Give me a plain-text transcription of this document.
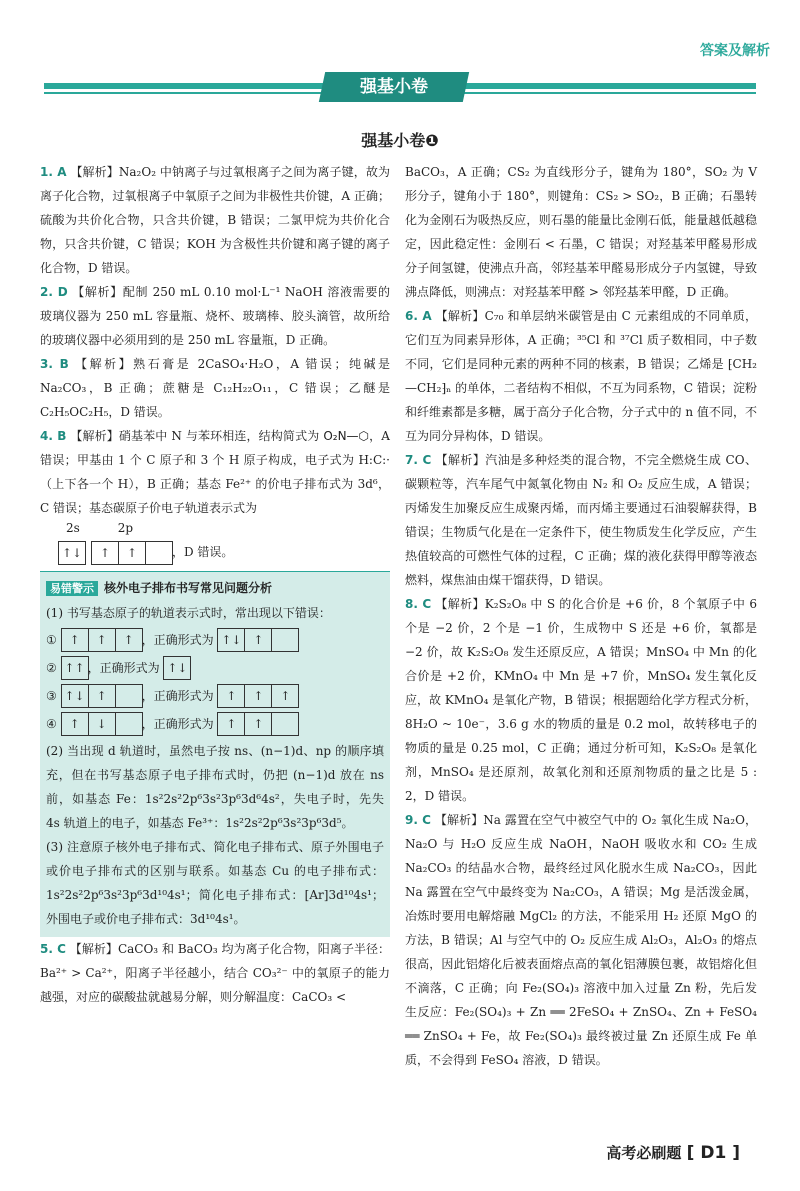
答案及解析
强基小卷
强基小卷❶

1. A 【解析】Na₂O₂ 中钠离子与过氧根离子之间为离子键，故为离子化合物，过氧根离子中氧原子之间为非极性共价键，A 正确；硫酸为共价化合物，只含共价键，B 错误；二氯甲烷为共价化合物，只含共价键，C 错误；KOH 为含极性共价键和离子键的离子化合物，D 错误。

2. D 【解析】配制 250 mL 0.10 mol·L⁻¹ NaOH 溶液需要的玻璃仪器为 250 mL 容量瓶、烧杯、玻璃棒、胶头滴管，故所给的玻璃仪器中必须用到的是 250 mL 容量瓶，D 正确。

3. B 【解析】熟石膏是 2CaSO₄·H₂O，A 错误；纯碱是 Na₂CO₃，B 正确；蔗糖是 C₁₂H₂₂O₁₁，C 错误；乙醚是 C₂H₅OC₂H₅，D 错误。

4. B 【解析】硝基苯中 N 与苯环相连，结构简式为 O₂N—⬡，A 错误；甲基由 1 个 C 原子和 3 个 H 原子构成，电子式为 H:C:·（上下各一个 H），B 正确；基态 Fe²⁺ 的价电子排布式为 3d⁶，C 错误；基态碳原子价电子轨道表示式为

2s	2p
↑↓ ↑ ↑	，D 错误。
易错警示 核外电子排布书写常见问题分析
(1) 书写基态原子的轨道表示式时，常出现以下错误：
① ↑ ↑ ↑ ，正确形式为 ↑↓ ↑
② ↑↑ ，正确形式为 ↑↓
③ ↑↓ ↑	，正确形式为 ↑ ↑ ↑
④ ↑ ↓	，正确形式为 ↑ ↑

(2) 当出现 d 轨道时，虽然电子按 ns、(n−1)d、np 的顺序填充，但在书写基态原子电子排布式时，仍把 (n−1)d 放在 ns 前，如基态 Fe：1s²2s²2p⁶3s²3p⁶3d⁶4s²，失电子时，先失 4s 轨道上的电子，如基态 Fe³⁺：1s²2s²2p⁶3s²3p⁶3d⁵。

(3) 注意原子核外电子排布式、简化电子排布式、原子外围电子或价电子排布式的区别与联系。如基态 Cu 的电子排布式：1s²2s²2p⁶3s²3p⁶3d¹⁰4s¹；简化电子排布式：[Ar]3d¹⁰4s¹；外围电子或价电子排布式：3d¹⁰4s¹。

5. C 【解析】CaCO₃ 和 BaCO₃ 均为离子化合物，阳离子半径：Ba²⁺ > Ca²⁺，阳离子半径越小，结合 CO₃²⁻ 中的氧原子的能力越强，对应的碳酸盐就越易分解，则分解温度：CaCO₃ <

BaCO₃，A 正确；CS₂ 为直线形分子，键角为 180°，SO₂ 为 V 形分子，键角小于 180°，则键角：CS₂ > SO₂，B 正确；石墨转化为金刚石为吸热反应，则石墨的能量比金刚石低，能量越低越稳定，因此稳定性：金刚石 < 石墨，C 错误；对羟基苯甲醛易形成分子间氢键，使沸点升高，邻羟基苯甲醛易形成分子内氢键，导致沸点降低，则沸点：对羟基苯甲醛 > 邻羟基苯甲醛，D 正确。

6. A 【解析】C₇₀ 和单层纳米碳管是由 C 元素组成的不同单质，它们互为同素异形体，A 正确；³⁵Cl 和 ³⁷Cl 质子数相同，中子数不同，它们是同种元素的两种不同的核素，B 错误；乙烯是 ⁅CH₂—CH₂⁆ₙ 的单体，二者结构不相似，不互为同系物，C 错误；淀粉和纤维素都是多糖，属于高分子化合物，分子式中的 n 值不同，不互为同分异构体，D 错误。

7. C 【解析】汽油是多种烃类的混合物，不完全燃烧生成 CO、碳颗粒等，汽车尾气中氮氧化物由 N₂ 和 O₂ 反应生成，A 错误；丙烯发生加聚反应生成聚丙烯，而丙烯主要通过石油裂解获得，B 错误；生物质气化是在一定条件下，使生物质发生化学反应，产生热值较高的可燃性气体的过程，C 正确；煤的液化获得甲醇等液态燃料，煤焦油由煤干馏获得，D 错误。

8. C 【解析】K₂S₂O₈ 中 S 的化合价是 +6 价，8 个氧原子中 6 个是 −2 价，2 个是 −1 价，生成物中 S 还是 +6 价，氧都是 −2 价，故 K₂S₂O₈ 发生还原反应，A 错误；MnSO₄ 中 Mn 的化合价是 +2 价，KMnO₄ 中 Mn 是 +7 价，MnSO₄ 发生氧化反应，故 KMnO₄ 是氧化产物，B 错误；根据题给化学方程式分析，8H₂O ~ 10e⁻，3.6 g 水的物质的量是 0.2 mol，故转移电子的物质的量是 0.25 mol，C 正确；通过分析可知，K₂S₂O₈ 是氧化剂，MnSO₄ 是还原剂，故氧化剂和还原剂物质的量之比是 5 : 2，D 错误。

9. C 【解析】Na 露置在空气中被空气中的 O₂ 氧化生成 Na₂O，Na₂O 与 H₂O 反应生成 NaOH，NaOH 吸收水和 CO₂ 生成 Na₂CO₃ 的结晶水合物，最终经过风化脱水生成 Na₂CO₃，因此 Na 露置在空气中最终变为 Na₂CO₃，A 错误；Mg 是活泼金属，冶炼时要用电解熔融 MgCl₂ 的方法，不能采用 H₂ 还原 MgO 的方法，B 错误；Al 与空气中的 O₂ 反应生成 Al₂O₃，Al₂O₃ 的熔点很高，因此铝熔化后被表面熔点高的氧化铝薄膜包裹，故铝熔化但不滴落，C 正确；向 Fe₂(SO₄)₃ 溶液中加入过量 Zn 粉，先后发生反应：Fe₂(SO₄)₃ + Zn ══ 2FeSO₄ + ZnSO₄、Zn + FeSO₄ ══ ZnSO₄ + Fe，故 Fe₂(SO₄)₃ 最终被过量 Zn 还原生成 Fe 单质，不会得到 FeSO₄ 溶液，D 错误。

高考必刷题 [ D1 ]
